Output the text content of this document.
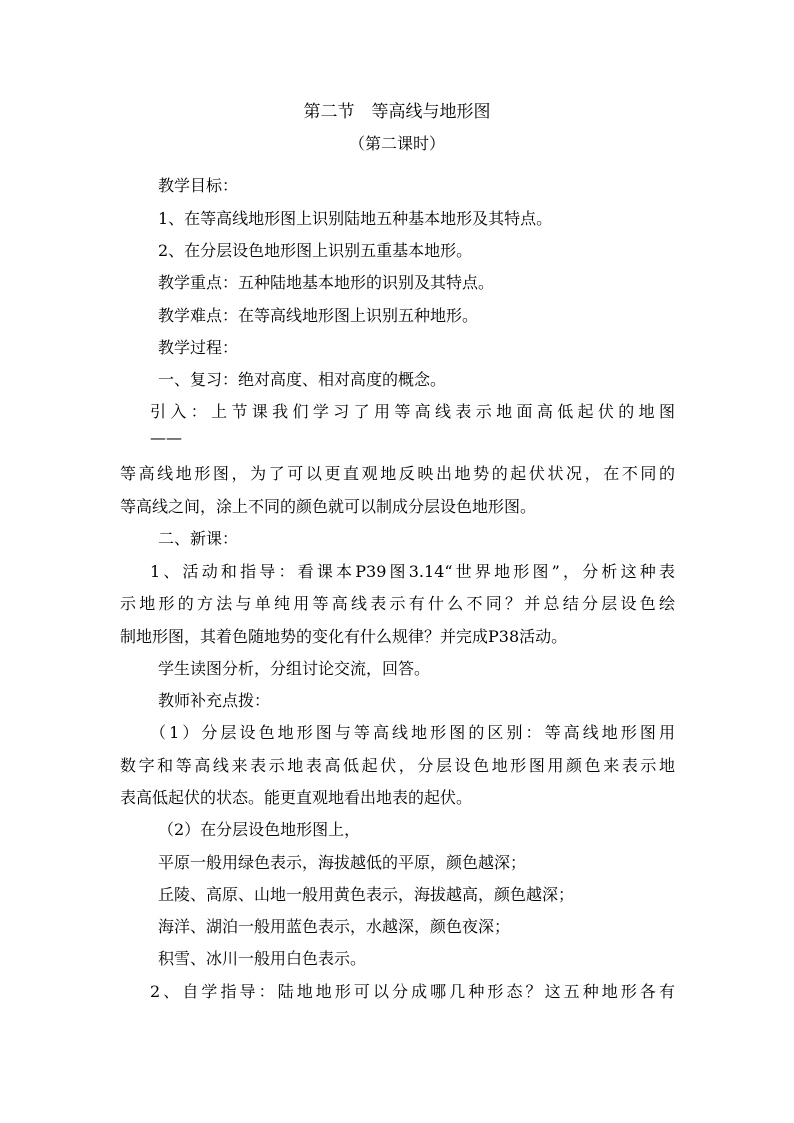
第二节　等高线与地形图
（第二课时）
教学目标：
1、在等高线地形图上识别陆地五种基本地形及其特点。
2、在分层设色地形图上识别五重基本地形。
教学重点：五种陆地基本地形的识别及其特点。
教学难点：在等高线地形图上识别五种地形。
教学过程：
一、复习：绝对高度、相对高度的概念。
引入：上节课我们学习了用等高线表示地面高低起伏的地图
——
等高线地形图，为了可以更直观地反映出地势的起伏状况，在不同的
等高线之间，涂上不同的颜色就可以制成分层设色地形图。
二、新课：
1、活动和指导：看课本P39图3.14“世界地形图”，分析这种表
示地形的方法与单纯用等高线表示有什么不同？并总结分层设色绘
制地形图，其着色随地势的变化有什么规律？并完成P38活动。
学生读图分析，分组讨论交流，回答。
教师补充点拨：
（1）分层设色地形图与等高线地形图的区别：等高线地形图用
数字和等高线来表示地表高低起伏，分层设色地形图用颜色来表示地
表高低起伏的状态。能更直观地看出地表的起伏。
（2）在分层设色地形图上，
平原一般用绿色表示，海拔越低的平原，颜色越深；
丘陵、高原、山地一般用黄色表示，海拔越高，颜色越深；
海洋、湖泊一般用蓝色表示，水越深，颜色夜深；
积雪、冰川一般用白色表示。
2、自学指导：陆地地形可以分成哪几种形态？这五种地形各有
